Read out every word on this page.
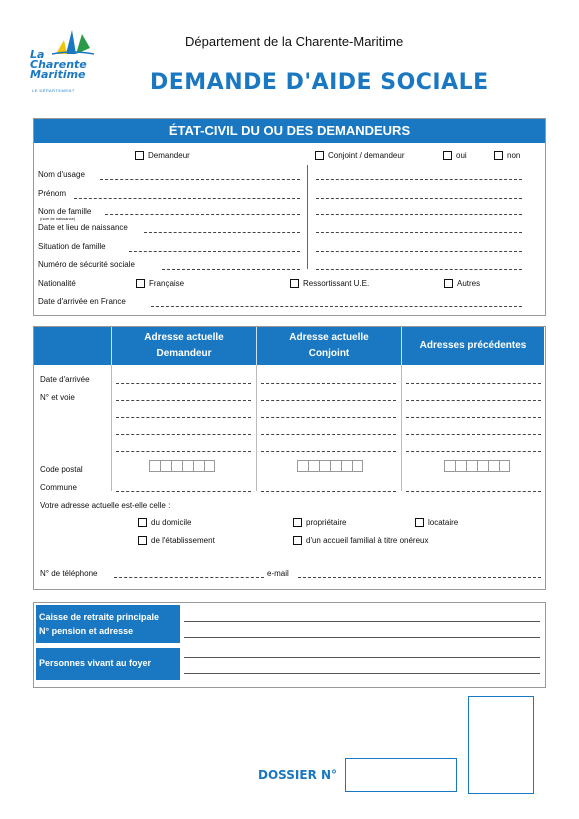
La
Charente
Maritime
LE DÉPARTEMENT
Département de la Charente-Maritime
DEMANDE D'AIDE SOCIALE
ÉTAT-CIVIL DU OU DES DEMANDEURS
Demandeur	Conjoint / demandeur	oui	non
Nom d'usage
Prénom
Nom de famille
(nom de naissance)
Date et lieu de naissance
Situation de famille
Numéro de sécurité sociale
Nationalité	Française	Ressortissant U.E.	Autres
Date d'arrivée en France
Adresse actuelle
Demandeur
Adresse actuelle
Conjoint
Adresses précédentes
Date d'arrivée
N° et voie
Code postal
Commune
Votre adresse actuelle est-elle celle :
du domicile	propriétaire	locataire
de l'établissement	d'un accueil familial à titre onéreux
N° de téléphone	e-mail
Caisse de retraite principale
N° pension et adresse
Personnes vivant au foyer
DOSSIER N°
